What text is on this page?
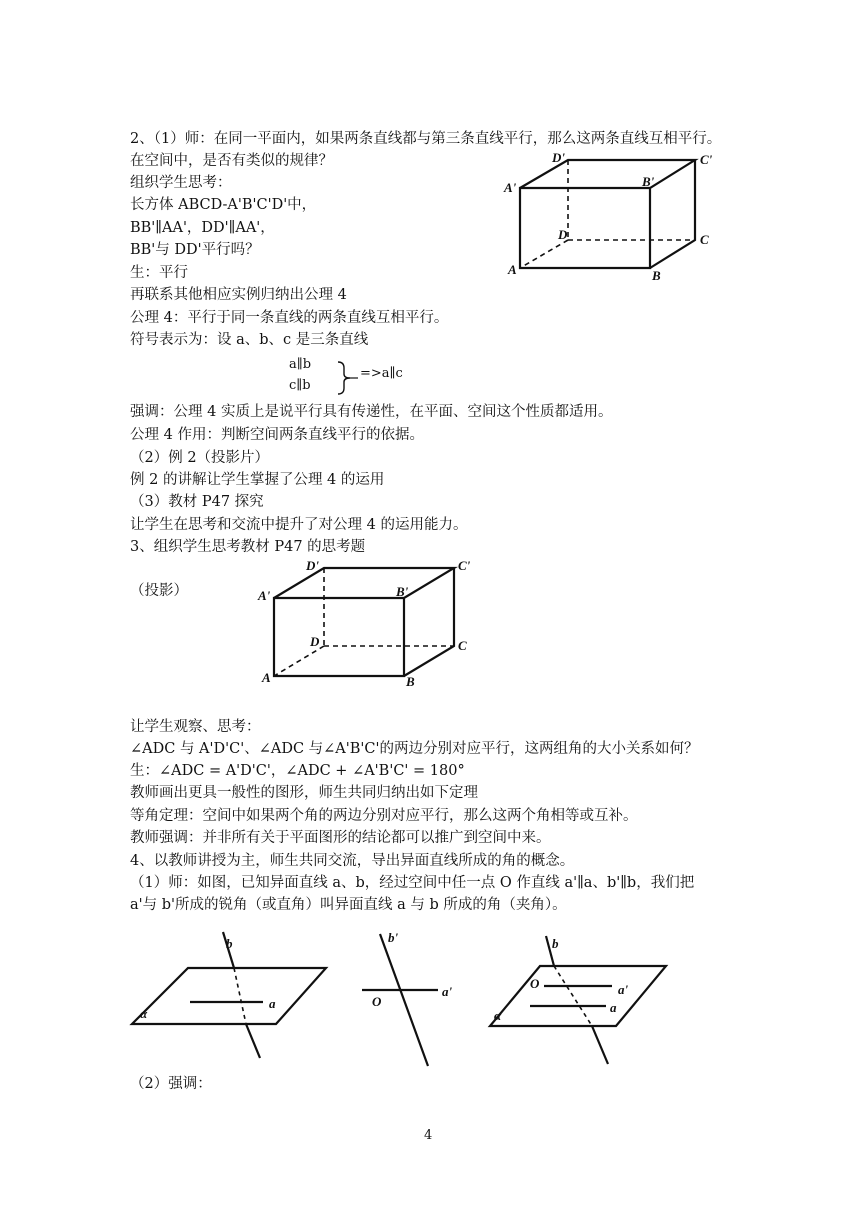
2、（1）师：在同一平面内，如果两条直线都与第三条直线平行，那么这两条直线互相平行。
在空间中，是否有类似的规律？
组织学生思考：
长方体 ABCD-A'B'C'D'中，
BB'∥AA'，DD'∥AA'，
BB'与 DD'平行吗？
生：平行
再联系其他相应实例归纳出公理 4
公理 4：平行于同一条直线的两条直线互相平行。
符号表示为：设 a、b、c 是三条直线
a∥b
c∥b
=>a∥c
强调：公理 4 实质上是说平行具有传递性，在平面、空间这个性质都适用。
公理 4 作用：判断空间两条直线平行的依据。
（2）例 2（投影片）
例 2 的讲解让学生掌握了公理 4 的运用
（3）教材 P47 探究
让学生在思考和交流中提升了对公理 4 的运用能力。
3、组织学生思考教材 P47 的思考题
（投影）
让学生观察、思考：
∠ADC 与 A'D'C'、∠ADC 与∠A'B'C'的两边分别对应平行，这两组角的大小关系如何？
生：∠ADC = A'D'C'，∠ADC + ∠A'B'C' = 180°
教师画出更具一般性的图形，师生共同归纳出如下定理
等角定理：空间中如果两个角的两边分别对应平行，那么这两个角相等或互补。
教师强调：并非所有关于平面图形的结论都可以推广到空间中来。
4、以教师讲授为主，师生共同交流，导出异面直线所成的角的概念。
（1）师：如图，已知异面直线 a、b，经过空间中任一点 O 作直线 a'∥a、b'∥b，我们把
a'与 b'所成的锐角（或直角）叫异面直线 a 与 b 所成的角（夹角）。
（2）强调：
D'	C'
A'	B'
D	C
A	B
D'	C'
A'	B'
D	C
A	B
b
a
α
b'
a'
O
b
O	a'
a
α
4
